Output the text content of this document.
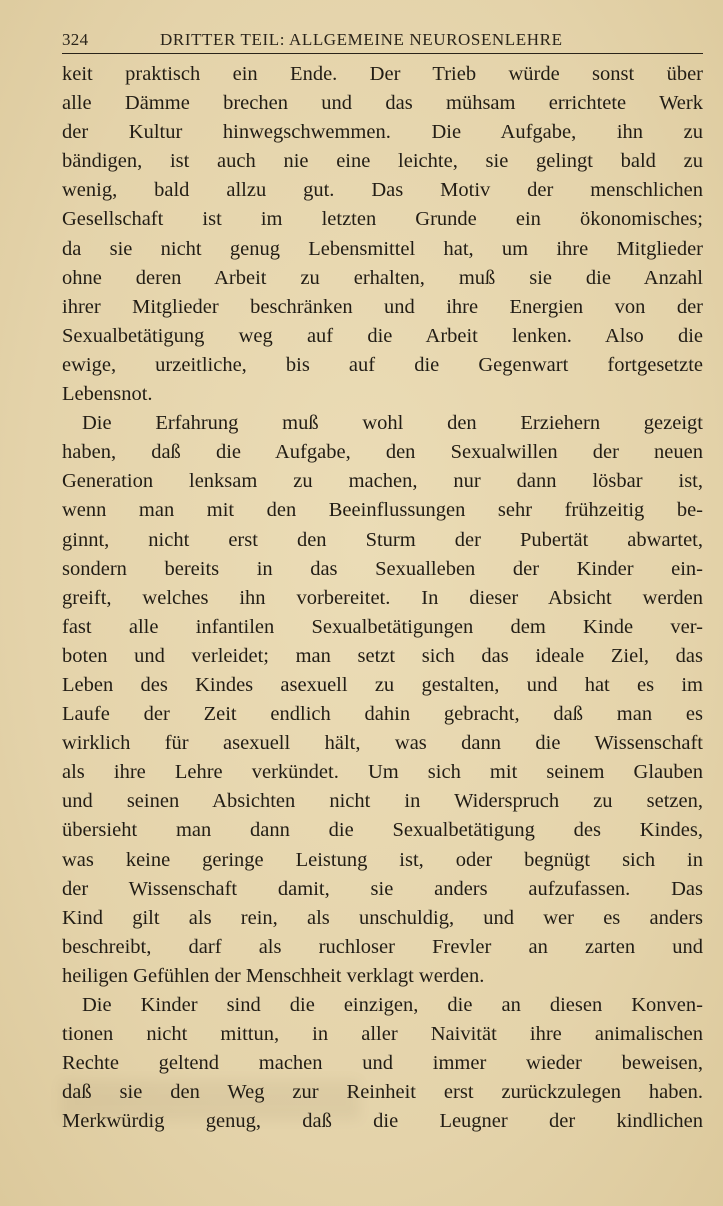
324	DRITTER TEIL: ALLGEMEINE NEUROSENLEHRE
keit praktisch ein Ende. Der Trieb würde sonst über
alle Dämme brechen und das mühsam errichtete Werk
der Kultur hinwegschwemmen. Die Aufgabe, ihn zu
bändigen, ist auch nie eine leichte, sie gelingt bald zu
wenig, bald allzu gut. Das Motiv der menschlichen
Gesellschaft ist im letzten Grunde ein ökonomisches;
da sie nicht genug Lebensmittel hat, um ihre Mitglieder
ohne deren Arbeit zu erhalten, muß sie die Anzahl
ihrer Mitglieder beschränken und ihre Energien von der
Sexualbetätigung weg auf die Arbeit lenken. Also die
ewige, urzeitliche, bis auf die Gegenwart fortgesetzte
Lebensnot.
Die Erfahrung muß wohl den Erziehern gezeigt
haben, daß die Aufgabe, den Sexualwillen der neuen
Generation lenksam zu machen, nur dann lösbar ist,
wenn man mit den Beeinflussungen sehr frühzeitig be-
ginnt, nicht erst den Sturm der Pubertät abwartet,
sondern bereits in das Sexualleben der Kinder ein-
greift, welches ihn vorbereitet. In dieser Absicht werden
fast alle infantilen Sexualbetätigungen dem Kinde ver-
boten und verleidet; man setzt sich das ideale Ziel, das
Leben des Kindes asexuell zu gestalten, und hat es im
Laufe der Zeit endlich dahin gebracht, daß man es
wirklich für asexuell hält, was dann die Wissenschaft
als ihre Lehre verkündet. Um sich mit seinem Glauben
und seinen Absichten nicht in Widerspruch zu setzen,
übersieht man dann die Sexualbetätigung des Kindes,
was keine geringe Leistung ist, oder begnügt sich in
der Wissenschaft damit, sie anders aufzufassen. Das
Kind gilt als rein, als unschuldig, und wer es anders
beschreibt, darf als ruchloser Frevler an zarten und
heiligen Gefühlen der Menschheit verklagt werden.
Die Kinder sind die einzigen, die an diesen Konven-
tionen nicht mittun, in aller Naivität ihre animalischen
Rechte geltend machen und immer wieder beweisen,
daß sie den Weg zur Reinheit erst zurückzulegen haben.
Merkwürdig genug, daß die Leugner der kindlichen
